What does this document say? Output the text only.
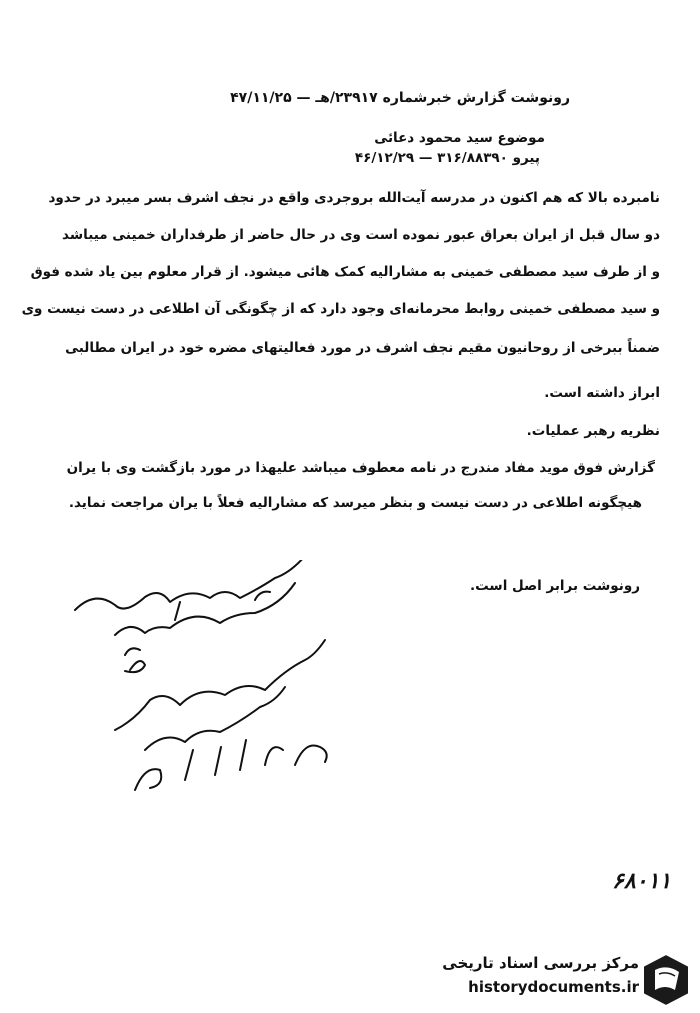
رونوشت گزارش خبرشماره ۲۳۹۱۷/هـ — ۴۷/۱۱/۲۵
موضوع سید محمود دعائی
پیرو ۳۱۶/۸۸۳۹۰ — ۴۶/۱۲/۲۹
نامبرده بالا که هم اکنون در مدرسه آیت‌الله بروجردی واقع در نجف اشرف بسر میبرد در حدود
دو سال قبل از ایران بعراق عبور نموده است وی در حال حاضر از طرفداران خمینی میباشد
و از طرف سید مصطفی خمینی به مشارالیه کمک هائی میشود. از قرار معلوم بین یاد شده فوق
و سید مصطفی خمینی روابط محرمانه‌ای وجود دارد که از چگونگی آن اطلاعی در دست نیست وی
ضمناً ببرخی از روحانیون مقیم نجف اشرف در مورد فعالیتهای مضره خود در ایران مطالبی
ابراز داشته است.
نظریه رهبر عملیات.
گزارش فوق موید مفاد مندرج در نامه معطوف میباشد علیهذا در مورد بازگشت وی با یران
هیچگونه اطلاعی در دست نیست و بنظر میرسد که مشارالیه فعلاً با یران مراجعت نماید.
رونوشت برابر اصل است.
۶۸۰۱۱
مرکز بررسی اسناد تاریخی
historydocuments.ir
